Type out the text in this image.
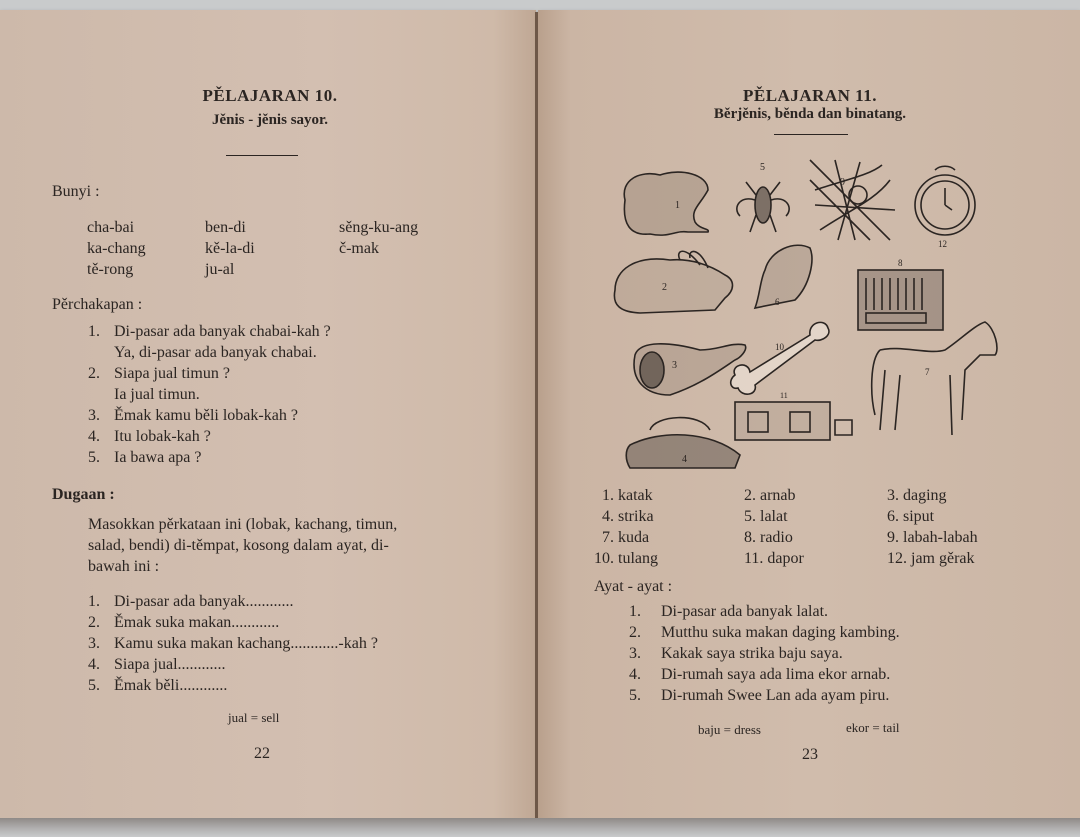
PĚLAJARAN 10.
Jěnis - jěnis sayor.
Bunyi :
cha-bai
ka-chang
tě-rong
ben-di
kě-la-di
ju-al
sěng-ku-ang
č-mak
Pěrchakapan :
1. Di-pasar ada banyak chabai-kah ?
Ya, di-pasar ada banyak chabai.
2. Siapa jual timun ?
Ia jual timun.
3. Ěmak kamu běli lobak-kah ?
4. Itu lobak-kah ?
5. Ia bawa apa ?
Dugaan :
Masokkan pěrkataan ini (lobak, kachang, timun,
salad, bendi) di-těmpat, kosong dalam ayat, di-
bawah ini :
1. Di-pasar ada banyak............
2. Ěmak suka makan............
3. Kamu suka makan kachang............-kah ?
4. Siapa jual............
5. Ěmak běli............
jual = sell
22
PĚLAJARAN 11.
Běrjěnis, běnda dan binatang.
1
5
9
12
2
6
8
3
10
7
11
4
1. katak
4. strika
7. kuda
10. tulang
2. arnab
5. lalat
8. radio
11. dapor
3. daging
6. siput
9. labah-labah
12. jam gěrak
Ayat - ayat :
1. Di-pasar ada banyak lalat.
2. Mutthu suka makan daging kambing.
3. Kakak saya strika baju saya.
4. Di-rumah saya ada lima ekor arnab.
5. Di-rumah Swee Lan ada ayam piru.
baju = dress	ekor = tail
23
